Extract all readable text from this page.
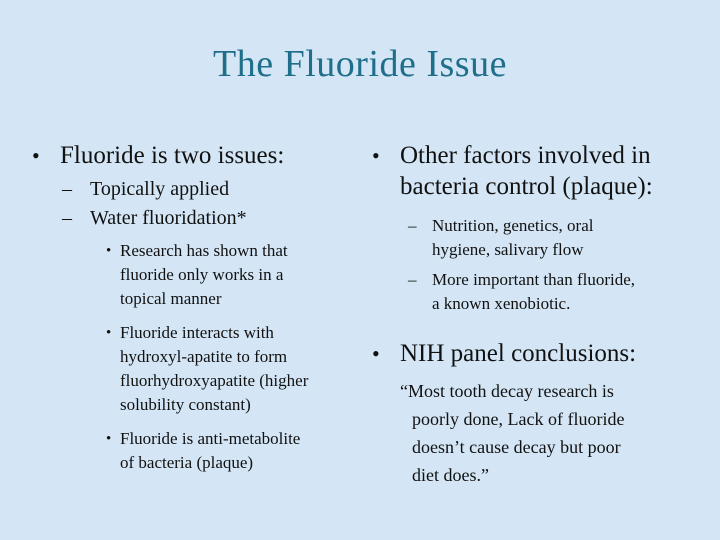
The Fluoride Issue
• Fluoride is two issues:
– Topically applied
– Water fluoridation*
• Research has shown that
fluoride only works in a
topical manner
• Fluoride interacts with
hydroxyl-apatite to form
fluorhydroxyapatite (higher
solubility constant)
• Fluoride is anti-metabolite
of bacteria (plaque)
• Other factors involved in
bacteria control (plaque):
– Nutrition, genetics, oral
hygiene, salivary flow
– More important than fluoride,
a known xenobiotic.
• NIH panel conclusions:
“Most tooth decay research is
poorly done, Lack of fluoride
doesn’t cause decay but poor
diet does.”
